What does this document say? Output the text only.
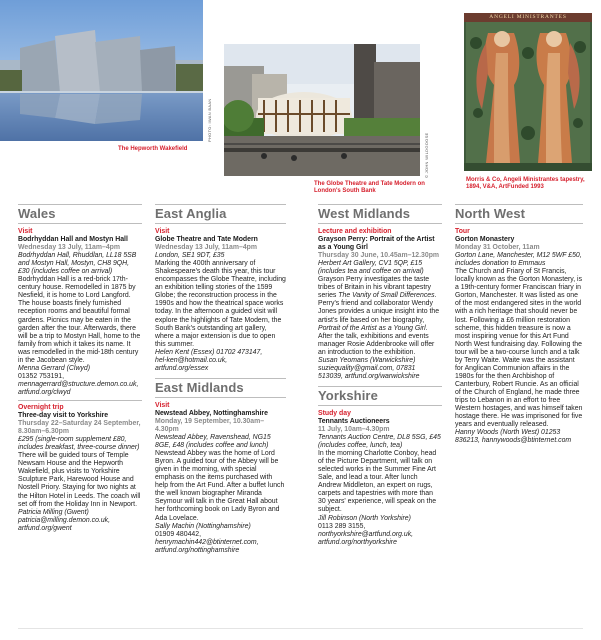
The Hepworth Wakefield
PHOTO: IWAN BAAN
The Globe Theatre and Tate Modern on London's South Bank
© JOHN WILDGOOSE
ANGELI MINISTRANTES
Morris & Co, Angeli Ministrantes tapestry, 1894, V&A, ArtFunded 1993
Wales
Visit
Bodrhyddan Hall and Mostyn Hall
Wednesday 13 July, 11am–4pm
Bodrhyddan Hall, Rhuddlan, LL18 5SB and Mostyn Hall, Mostyn, CH8 9QH, £30 (includes coffee on arrival)
Bodrhyddan Hall is a red-brick 17th-century house. Remodelled in 1875 by Nesfield, it is home to Lord Langford. The house boasts finely furnished reception rooms and beautiful formal gardens. Picnics may be eaten in the garden after the tour. Afterwards, there will be a trip to Mostyn Hall, home to the family from which it takes its name. It was remodelled in the mid-18th century in the Jacobean style.
Menna Gerrard (Clwyd)
01352 753191,
mennagerrard@structure.demon.co.uk,
artfund.org/clwyd
Overnight trip
Three-day visit to Yorkshire
Thursday 22–Saturday 24 September, 8.30am–6.30pm
£295 (single-room supplement £80, includes breakfast, three-course dinner)
There will be guided tours of Temple Newsam House and the Hepworth Wakefield, plus visits to Yorkshire Sculpture Park, Harewood House and Nostell Priory. Staying for two nights at the Hilton Hotel in Leeds. The coach will set off from the Holiday Inn in Newport.
Patricia Milling (Gwent)
patricia@milling.demon.co.uk,
artfund.org/gwent
East Anglia
Visit
Globe Theatre and Tate Modern
Wednesday 13 July, 11am–4pm
London, SE1 9DT, £35
Marking the 400th anniversary of Shakespeare's death this year, this tour encompasses the Globe Theatre, including an exhibition telling stories of the 1599 Globe; the reconstruction process in the 1990s and how the theatrical space works today. In the afternoon a guided visit will explore the highlights of Tate Modern, the South Bank's outstanding art gallery, where a major extension is due to open this summer.
Helen Kent (Essex) 01702 473147,
hel-ken@hotmail.co.uk,
artfund.org/essex
East Midlands
Visit
Newstead Abbey, Nottinghamshire
Monday, 19 September, 10.30am–4.30pm
Newstead Abbey, Ravenshead, NG15 8GE, £48 (includes coffee and lunch)
Newstead Abbey was the home of Lord Byron. A guided tour of the Abbey will be given in the morning, with special emphasis on the items purchased with help from the Art Fund. After a buffet lunch the well known biographer Miranda Seymour will talk in the Great Hall about her forthcoming book on Lady Byron and Ada Lovelace.
Sally Machin (Nottinghamshire)
01909 480442,
henrymachin442@btinternet.com,
artfund.org/nottinghamshire
West Midlands
Lecture and exhibition
Grayson Perry: Portrait of the Artist as a Young Girl
Thursday 30 June, 10.45am–12.30pm
Herbert Art Gallery, CV1 5QP, £15 (includes tea and coffee on arrival)
Grayson Perry investigates the taste tribes of Britain in his vibrant tapestry series The Vanity of Small Differences. Perry's friend and collaborator Wendy Jones provides a unique insight into the artist's life based on her biography, Portrait of the Artist as a Young Girl. After the talk, exhibitions and events manager Rosie Addenbrooke will offer an introduction to the exhibition.
Susan Yeomans (Warwickshire)
suziequality@gmail.com, 07831
513039, artfund.org/warwickshire
Yorkshire
Study day
Tennants Auctioneers
11 July, 10am–4.30pm
Tennants Auction Centre, DL8 5SG, £45 (includes coffee, lunch, tea)
In the morning Charlotte Conboy, head of the Picture Department, will talk on selected works in the Summer Fine Art Sale, and lead a tour. After lunch Andrew Middleton, an expert on rugs, carpets and tapestries with more than 30 years' experience, will speak on the subject.
Jill Robinson (North Yorkshire)
0113 289 3155,
northyorkshire@artfund.org.uk,
artfund.org/northyorkshire
North West
Tour
Gorton Monastery
Monday 31 October, 11am
Gorton Lane, Manchester, M12 5WF £50, includes donation to Emmaus
The Church and Friary of St Francis, locally known as the Gorton Monastery, is a 19th-century former Franciscan friary in Gorton, Manchester. It was listed as one of the most endangered sites in the world with a rich heritage that should never be lost. Following a £6 million restoration scheme, this hidden treasure is now a most inspiring venue for this Art Fund North West fundraising day. Following the tour will be a two-course lunch and a talk by Terry Waite. Waite was the assistant for Anglican Communion affairs in the 1980s for the then Archbishop of Canterbury, Robert Runcie. As an official of the Church of England, he made three trips to Lebanon in an effort to free Western hostages, and was himself taken hostage there. He was imprisoned for five years and eventually released.
Hanny Woods (North West) 01253
836213, hannywoods@btinternet.com
